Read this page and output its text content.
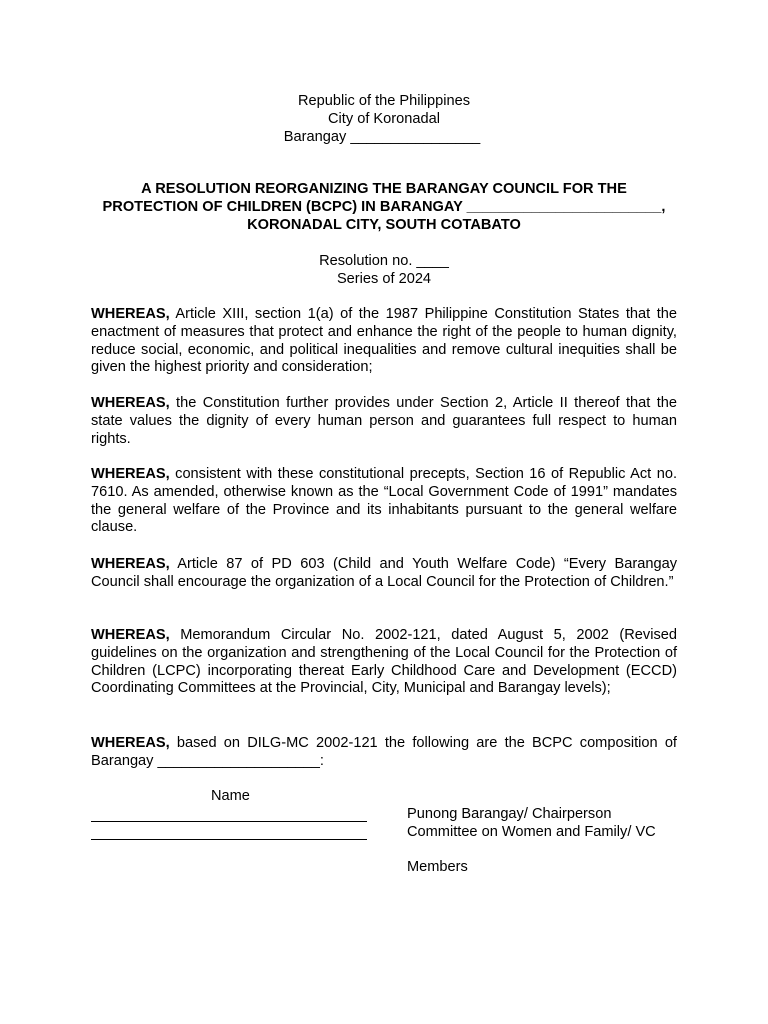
Republic of the Philippines
City of Koronadal
Barangay ________________
A RESOLUTION REORGANIZING THE BARANGAY COUNCIL FOR THE
PROTECTION OF CHILDREN (BCPC) IN BARANGAY ________________________,
KORONADAL CITY, SOUTH COTABATO
Resolution no. ____
Series of 2024

WHEREAS, Article XIII, section 1(a) of the 1987 Philippine Constitution States that the enactment of measures that protect and enhance the right of the people to human dignity, reduce social, economic, and political inequalities and remove cultural inequities shall be given the highest priority and consideration;

WHEREAS, the Constitution further provides under Section 2, Article II thereof that the state values the dignity of every human person and guarantees full respect to human rights.

WHEREAS, consistent with these constitutional precepts, Section 16 of Republic Act no. 7610. As amended, otherwise known as the “Local Government Code of 1991” mandates the general welfare of the Province and its inhabitants pursuant to the general welfare clause.

WHEREAS, Article 87 of PD 603 (Child and Youth Welfare Code) “Every Barangay Council shall encourage the organization of a Local Council for the Protection of Children.”

WHEREAS, Memorandum Circular No. 2002-121, dated August 5, 2002 (Revised guidelines on the organization and strengthening of the Local Council for the Protection of Children (LCPC) incorporating thereat Early Childhood Care and Development (ECCD) Coordinating Committees at the Provincial, City, Municipal and Barangay levels);

WHEREAS, based on DILG-MC 2002-121 the following are the BCPC composition of Barangay ____________________:

Name
Punong Barangay/ Chairperson
Committee on Women and Family/ VC
Members
